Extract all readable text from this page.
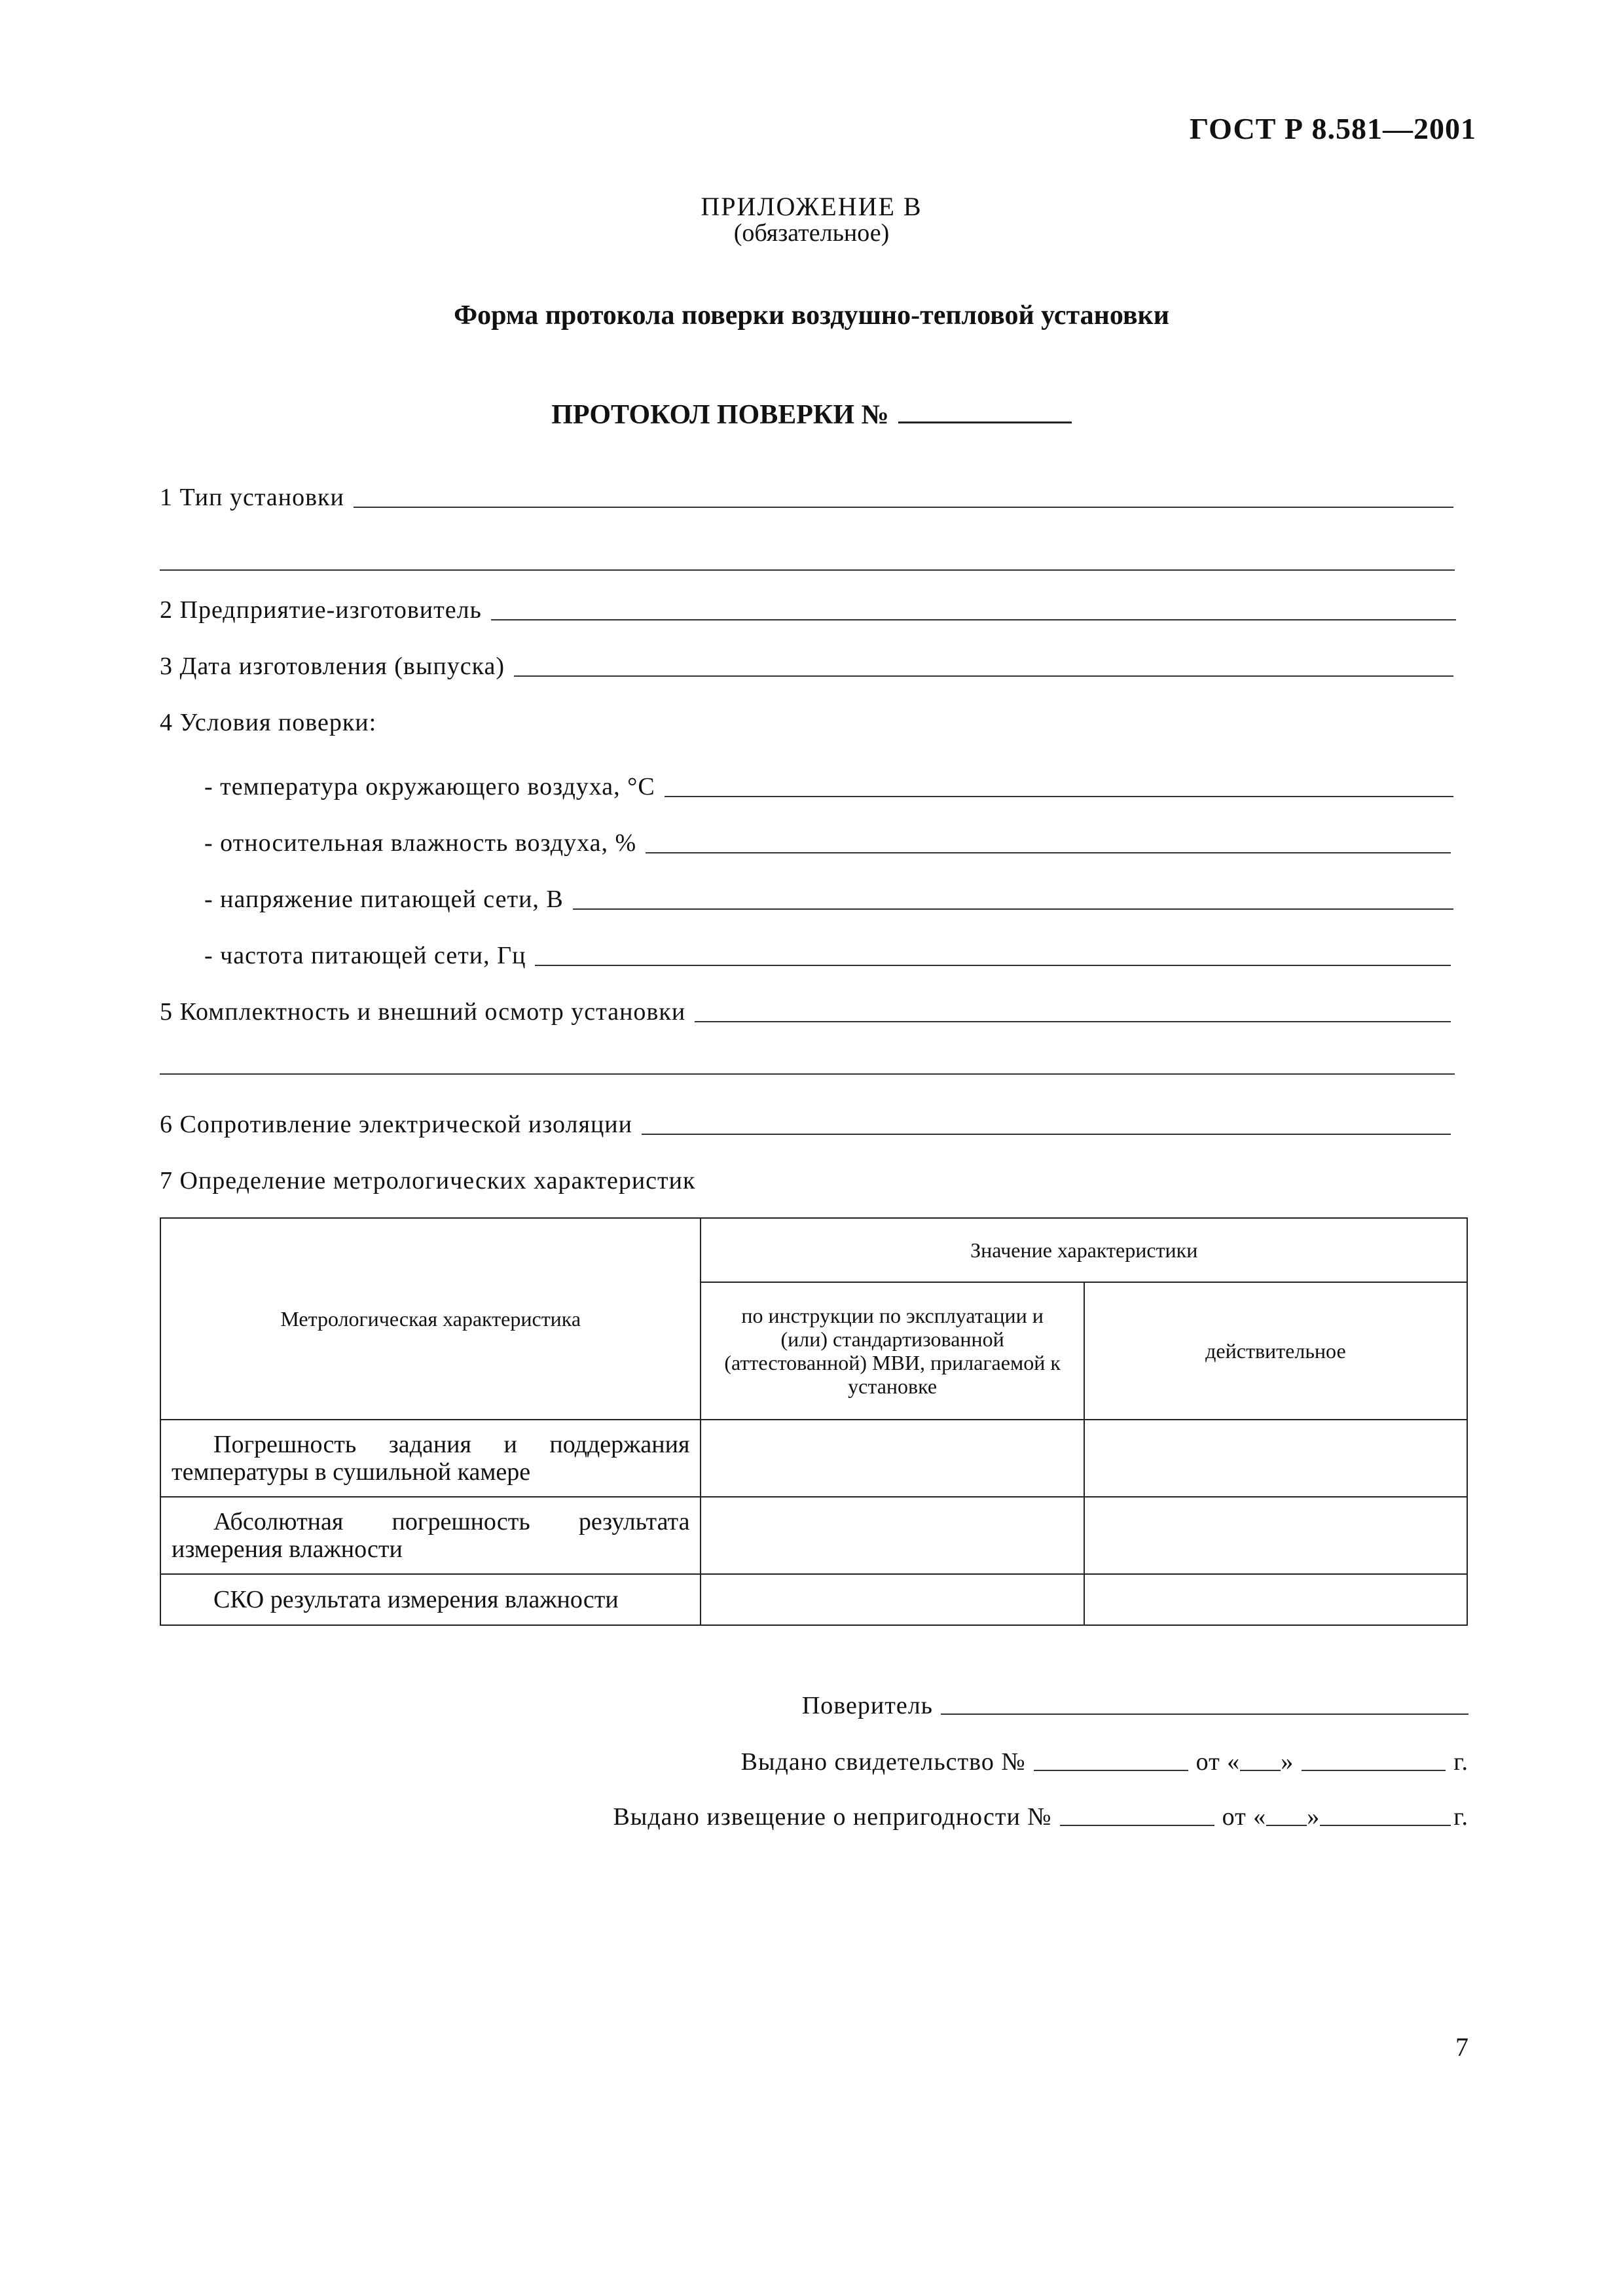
ГОСТ Р 8.581—2001
ПРИЛОЖЕНИЕ В
(обязательное)
Форма протокола поверки воздушно-тепловой установки
ПРОТОКОЛ ПОВЕРКИ №
1 Тип установки
2 Предприятие-изготовитель
3 Дата изготовления (выпуска)
4 Условия поверки:
- температура окружающего воздуха, °С
- относительная влажность воздуха, %
- напряжение питающей сети, В
- частота питающей сети, Гц
5 Комплектность и внешний осмотр установки
6 Сопротивление электрической изоляции
7 Определение метрологических характеристик
Метрологическая характеристика	Значение характеристики	
	по инструкции по эксплуатации и (или) стандартизованной (аттестованной) МВИ, прилагаемой к установке	действительное
Погрешность задания и поддержания температуры в сушильной камере		
Абсолютная погрешность результата измерения влажности		
СКО результата измерения влажности		
Поверитель
Выдано свидетельство №	от « »	г.
Выдано извещение о непригодности №	от « »	г.
7
